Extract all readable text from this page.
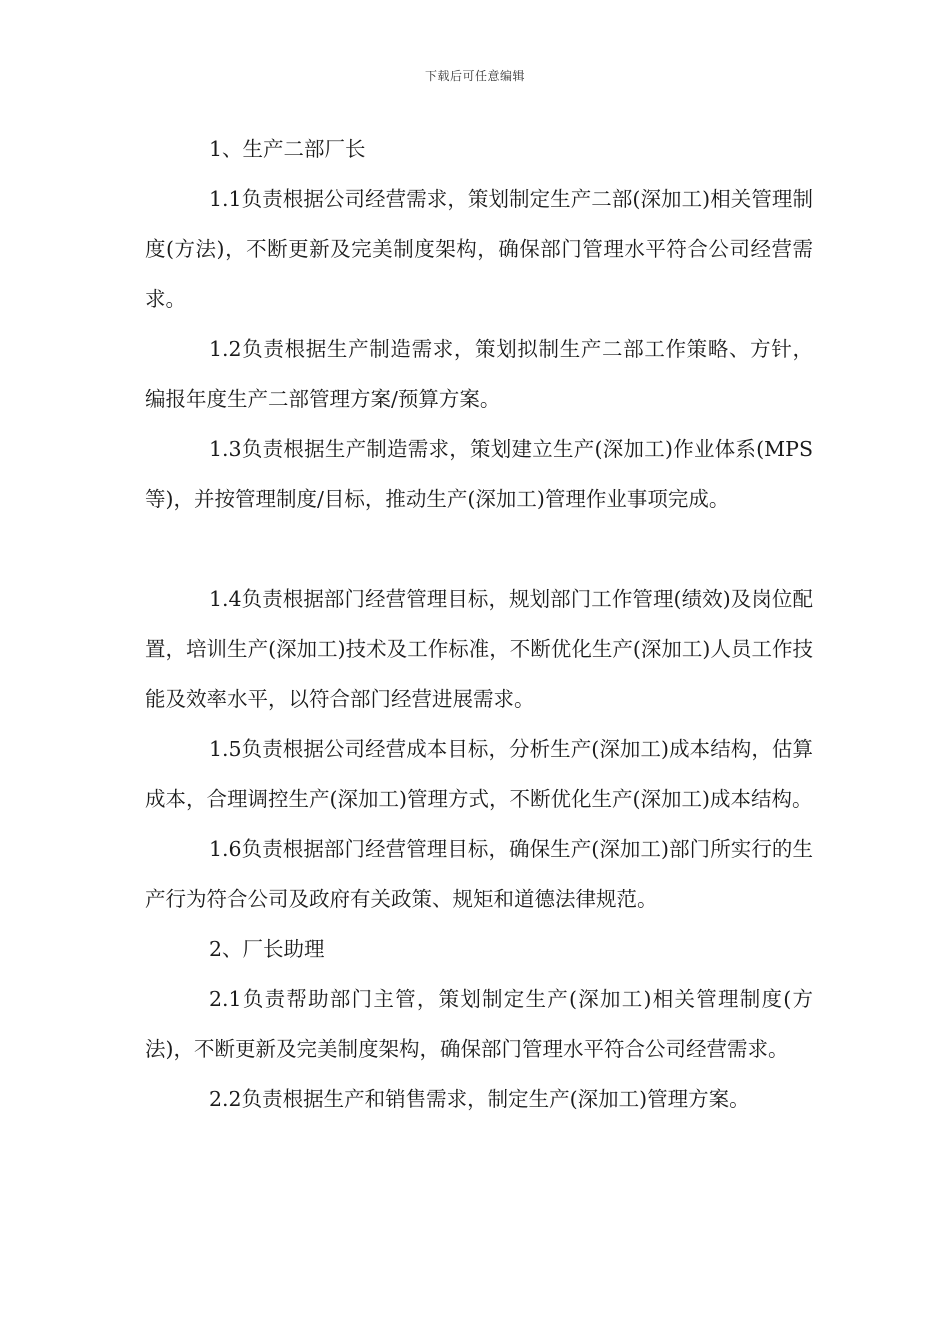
下载后可任意编辑

1、生产二部厂长

1.1负责根据公司经营需求，策划制定生产二部(深加工)相关管理制度(方法)，不断更新及完美制度架构，确保部门管理水平符合公司经营需求。

1.2负责根据生产制造需求，策划拟制生产二部工作策略、方针，编报年度生产二部管理方案/预算方案。

1.3负责根据生产制造需求，策划建立生产(深加工)作业体系(MPS等)，并按管理制度/目标，推动生产(深加工)管理作业事项完成。

1.4负责根据部门经营管理目标，规划部门工作管理(绩效)及岗位配置，培训生产(深加工)技术及工作标准，不断优化生产(深加工)人员工作技能及效率水平，以符合部门经营进展需求。

1.5负责根据公司经营成本目标，分析生产(深加工)成本结构，估算成本，合理调控生产(深加工)管理方式，不断优化生产(深加工)成本结构。

1.6负责根据部门经营管理目标，确保生产(深加工)部门所实行的生产行为符合公司及政府有关政策、规矩和道德法律规范。

2、厂长助理

2.1负责帮助部门主管，策划制定生产(深加工)相关管理制度(方法)，不断更新及完美制度架构，确保部门管理水平符合公司经营需求。

2.2负责根据生产和销售需求，制定生产(深加工)管理方案。
